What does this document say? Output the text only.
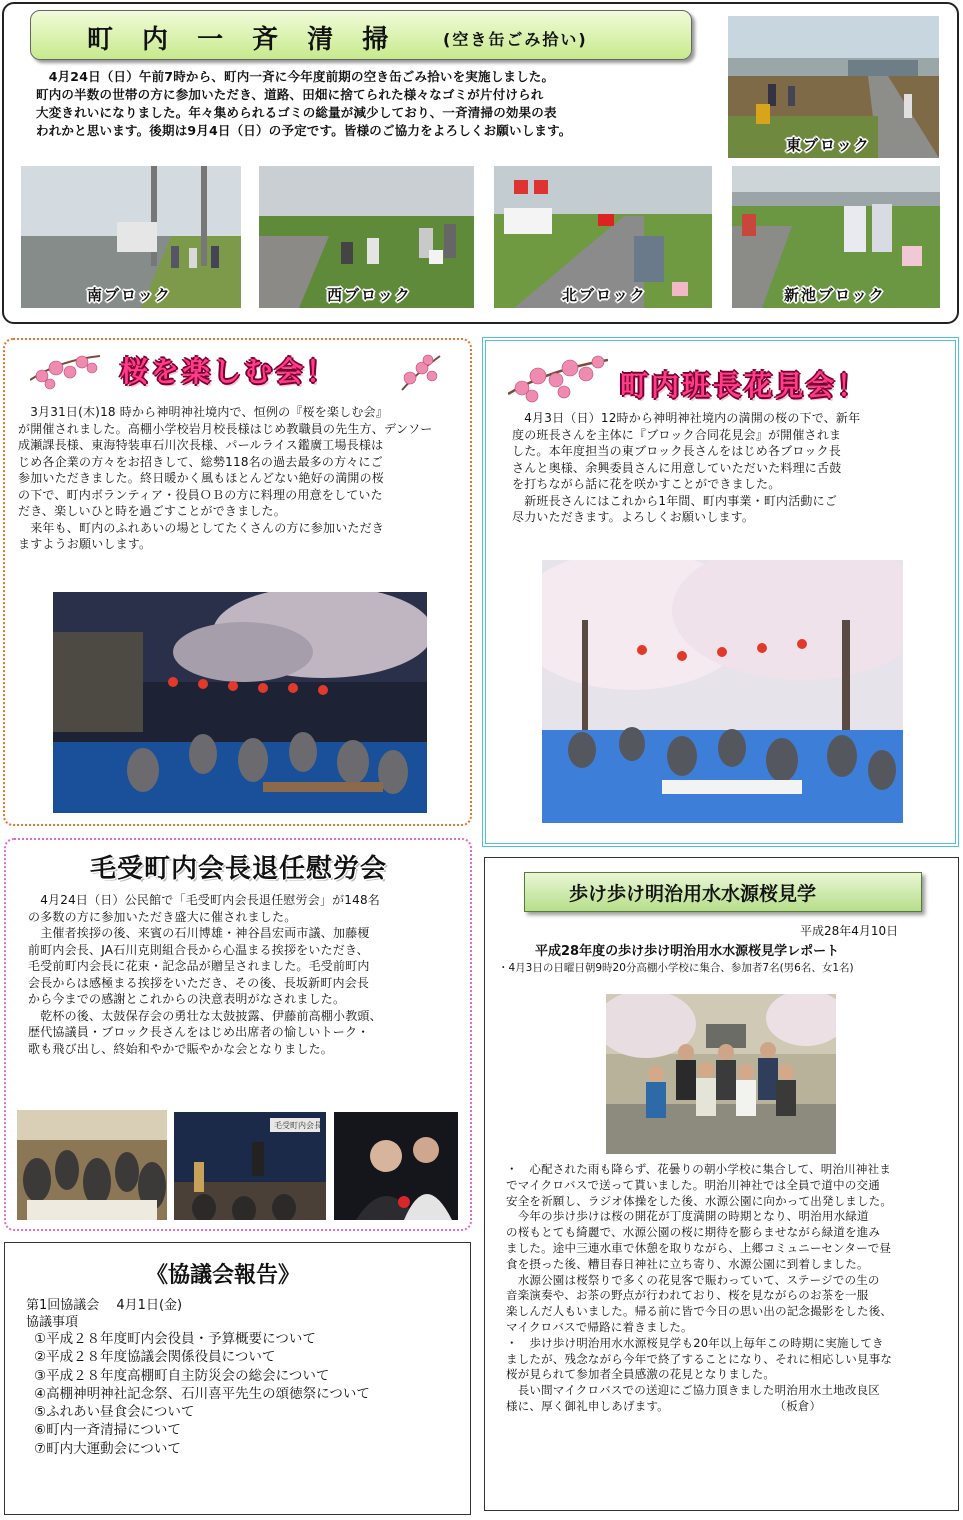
町 内 一 斉 清 掃	(空き缶ごみ拾い)
　4月24日（日）午前7時から、町内一斉に今年度前期の空き缶ごみ拾いを実施しました。
町内の半数の世帯の方に参加いただき、道路、田畑に捨てられた様々なゴミが片付けられ
大変きれいになりました。年々集められるゴミの総量が減少しており、一斉清掃の効果の表
われかと思います。後期は9月4日（日）の予定です。皆様のご協力をよろしくお願いします。
東ブロック
南ブロック	西ブロック	北ブロック	新池ブロック
桜を楽しむ会！
　3月31日(木)18 時から神明神社境内で、恒例の『桜を楽しむ会』
が開催されました。高棚小学校岩月校長様はじめ教職員の先生方、デンソー
成瀬課長様、東海特装車石川次長様、パールライス鑑廣工場長様は
じめ各企業の方々をお招きして、総勢118名の過去最多の方々にご
参加いただきました。終日暖かく風もほとんどない絶好の満開の桜
の下で、町内ボランティア・役員ＯＢの方に料理の用意をしていた
だき、楽しいひと時を過ごすことができました。
　来年も、町内のふれあいの場としてたくさんの方に参加いただき
ますようお願いします。
町内班長花見会！
　4月3日（日）12時から神明神社境内の満開の桜の下で、新年
度の班長さんを主体に『ブロック合同花見会』が開催されま
した。本年度担当の東ブロック長さんをはじめ各ブロック長
さんと奥様、余興委員さんに用意していただいた料理に舌鼓
を打ちながら話に花を咲かすことができました。
　新班長さんにはこれから1年間、町内事業・町内活動にご
尽力いただきます。よろしくお願いします。
毛受町内会長退任慰労会
　4月24日（日）公民館で「毛受町内会長退任慰労会」が148名
の多数の方に参加いただき盛大に催されました。
　主催者挨拶の後、来賓の石川博雄・神谷昌宏両市議、加藤榎
前町内会長、JA石川克則組合長から心温まる挨拶をいただき、
毛受前町内会長に花束・記念品が贈呈されました。毛受前町内
会長からは感極まる挨拶をいただき、その後、長坂新町内会長
から今までの感謝とこれからの決意表明がなされました。
　乾杯の後、太鼓保存会の勇壮な太鼓披露、伊藤前高棚小教頭、
歴代協議員・ブロック長さんをはじめ出席者の愉しいトーク・
歌も飛び出し、終始和やかで賑やかな会となりました。
毛受町内会長
《協議会報告》
第1回協議会　 4月1日(金)
協議事項
①平成２８年度町内会役員・予算概要について
②平成２８年度協議会関係役員について
③平成２８年度高棚町自主防災会の総会について
④高棚神明神社記念祭、石川喜平先生の頌徳祭について
⑤ふれあい昼食会について
⑥町内一斉清掃について
⑦町内大運動会について
歩け歩け明治用水水源桜見学
平成28年4月10日
平成28年度の歩け歩け明治用水水源桜見学レポート
・4月3日の日曜日朝9時20分高棚小学校に集合、参加者7名(男6名、女1名)
・　心配された雨も降らず、花曇りの朝小学校に集合して、明治川神社ま
でマイクロバスで送って貰いました。明治川神社では全員で道中の交通
安全を祈願し、ラジオ体操をした後、水源公園に向かって出発しました。
　今年の歩け歩けは桜の開花が丁度満開の時期となり、明治用水緑道
の桜もとても綺麗で、水源公園の桜に期待を膨らませながら緑道を進み
ました。途中三連水車で休憩を取りながら、上郷コミュニーセンターで昼
食を摂った後、糟目春日神社に立ち寄り、水源公園に到着しました。
　水源公園は桜祭りで多くの花見客で賑わっていて、ステージでの生の
音楽演奏や、お茶の野点が行われており、桜を見ながらのお茶を一服
楽しんだ人もいました。帰る前に皆で今日の思い出の記念撮影をした後、
マイクロバスで帰路に着きました。
・　歩け歩け明治用水水源桜見学も20年以上毎年この時期に実施してき
ましたが、残念ながら今年で終了することになり、それに相応しい見事な
桜が見られて参加者全員感激の花見となりました。
　長い間マイクロバスでの送迎にご協力頂きました明治用水土地改良区
様に、厚く御礼申しあげます。　　　　　　　　　　（板倉）
